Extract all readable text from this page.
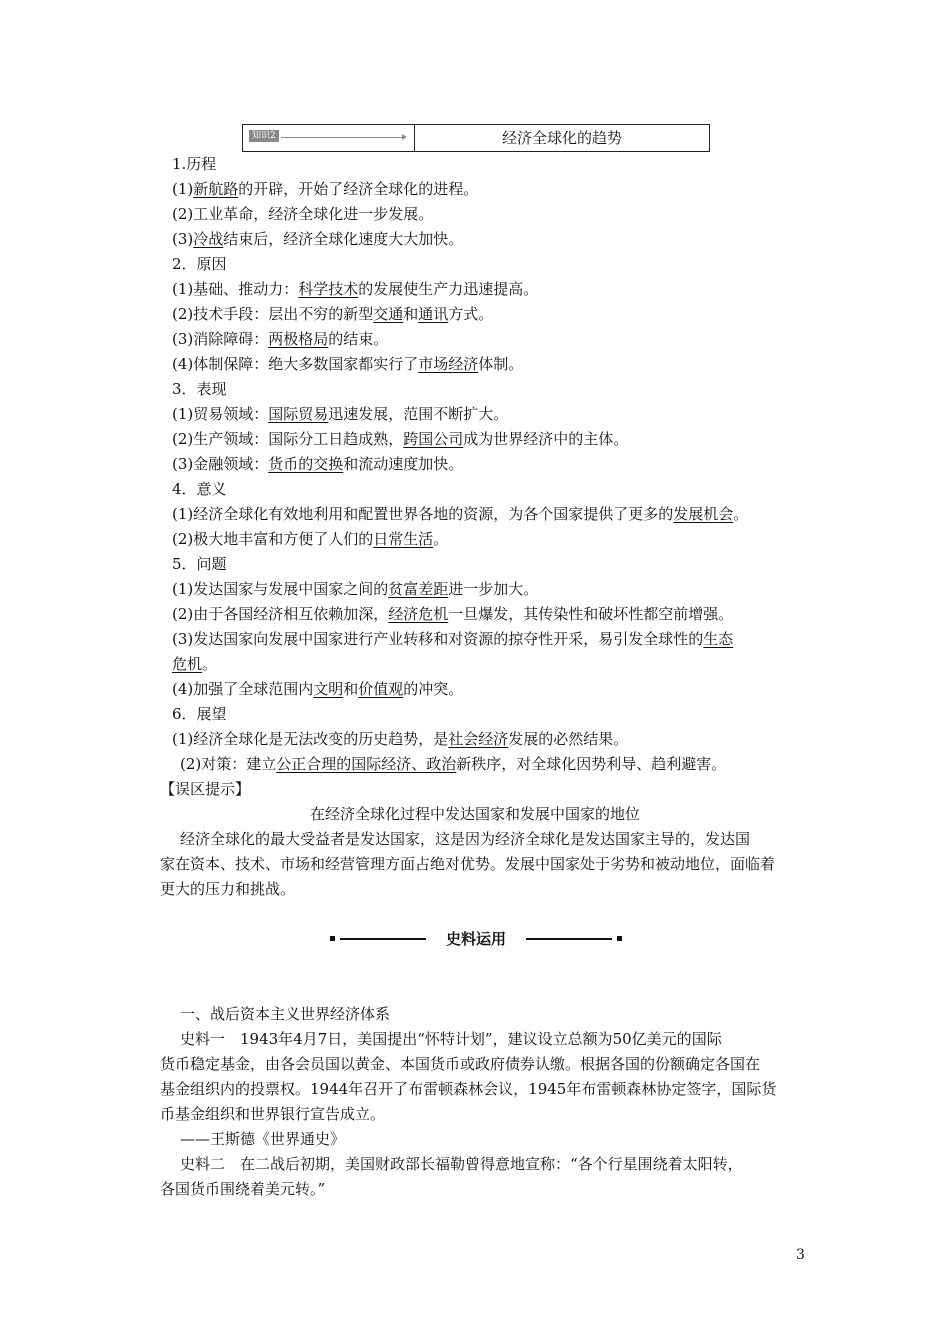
知识2	经济全球化的趋势
1.历程
(1)新航路的开辟，开始了经济全球化的进程。
(2)工业革命，经济全球化进一步发展。
(3)冷战结束后，经济全球化速度大大加快。
2．原因
(1)基础、推动力：科学技术的发展使生产力迅速提高。
(2)技术手段：层出不穷的新型交通和通讯方式。
(3)消除障碍：两极格局的结束。
(4)体制保障：绝大多数国家都实行了市场经济体制。
3．表现
(1)贸易领域：国际贸易迅速发展，范围不断扩大。
(2)生产领域：国际分工日趋成熟，跨国公司成为世界经济中的主体。
(3)金融领域：货币的交换和流动速度加快。
4．意义
(1)经济全球化有效地利用和配置世界各地的资源，为各个国家提供了更多的发展机会。
(2)极大地丰富和方便了人们的日常生活。
5．问题
(1)发达国家与发展中国家之间的贫富差距进一步加大。
(2)由于各国经济相互依赖加深，经济危机一旦爆发，其传染性和破坏性都空前增强。
(3)发达国家向发展中国家进行产业转移和对资源的掠夺性开采，易引发全球性的生态
危机。
(4)加强了全球范围内文明和价值观的冲突。
6．展望
(1)经济全球化是无法改变的历史趋势，是社会经济发展的必然结果。
(2)对策：建立公正合理的国际经济、政治新秩序，对全球化因势利导、趋利避害。
【误区提示】
在经济全球化过程中发达国家和发展中国家的地位
经济全球化的最大受益者是发达国家，这是因为经济全球化是发达国家主导的，发达国
家在资本、技术、市场和经营管理方面占绝对优势。发展中国家处于劣势和被动地位，面临着
更大的压力和挑战。
史料运用
一、战后资本主义世界经济体系
史料一　1943年4月7日，美国提出“怀特计划”，建议设立总额为50亿美元的国际
货币稳定基金，由各会员国以黄金、本国货币或政府债券认缴。根据各国的份额确定各国在
基金组织内的投票权。1944年召开了布雷顿森林会议，1945年布雷顿森林协定签字，国际货
币基金组织和世界银行宣告成立。
——王斯德《世界通史》
史料二　在二战后初期，美国财政部长福勒曾得意地宣称：“各个行星围绕着太阳转，
各国货币围绕着美元转。”
3
